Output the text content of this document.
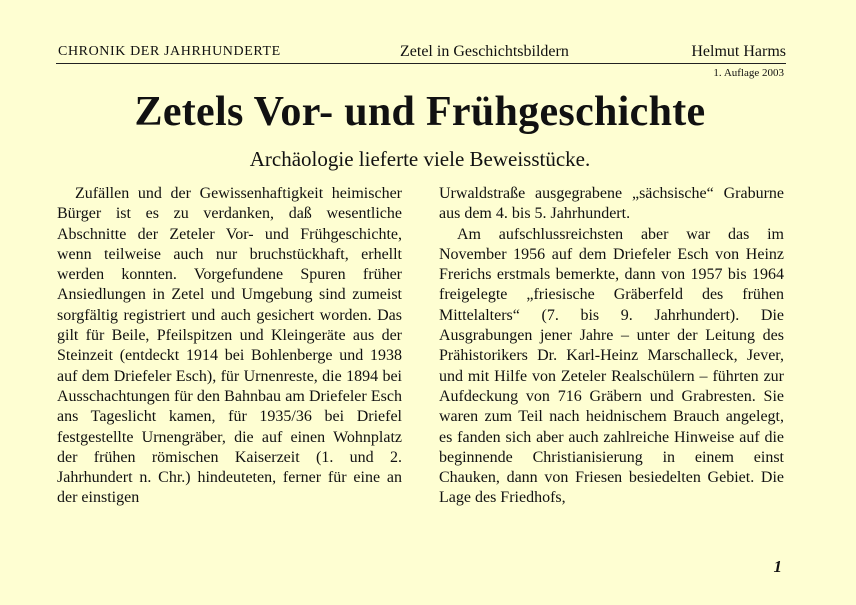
CHRONIK DER JAHRHUNDERTE	Zetel in Geschichtsbildern	Helmut Harms
1. Auflage 2003
Zetels Vor- und Frühgeschichte
Archäologie lieferte viele Beweisstücke.

Zufällen und der Gewissenhaftigkeit heimischer Bürger ist es zu verdanken, daß wesentliche Abschnitte der Zeteler Vor- und Frühgeschichte, wenn teilweise auch nur bruchstückhaft, erhellt werden konnten. Vorgefundene Spuren früher Ansiedlungen in Zetel und Umgebung sind zumeist sorgfältig registriert und auch gesichert worden. Das gilt für Beile, Pfeilspitzen und Kleingeräte aus der Steinzeit (entdeckt 1914 bei Bohlenberge und 1938 auf dem Driefeler Esch), für Urnenreste, die 1894 bei Ausschachtungen für den Bahnbau am Driefeler Esch ans Tageslicht kamen, für 1935/36 bei Driefel festgestellte Urnengräber, die auf einen Wohnplatz der frühen römischen Kaiserzeit (1. und 2. Jahrhundert n. Chr.) hindeuteten, ferner für eine an der einstigen

Urwaldstraße ausgegrabene „sächsische“ Graburne aus dem 4. bis 5. Jahrhundert.

Am aufschlussreichsten aber war das im November 1956 auf dem Driefeler Esch von Heinz Frerichs erstmals bemerkte, dann von 1957 bis 1964 freigelegte „friesische Gräberfeld des frühen Mittelalters“ (7. bis 9. Jahrhundert). Die Ausgrabungen jener Jahre – unter der Leitung des Prähistorikers Dr. Karl-Heinz Marschalleck, Jever, und mit Hilfe von Zeteler Realschülern – führten zur Aufdeckung von 716 Gräbern und Grabresten. Sie waren zum Teil nach heidnischem Brauch angelegt, es fanden sich aber auch zahlreiche Hinweise auf die beginnende Christianisierung in einem einst Chauken, dann von Friesen besiedelten Gebiet. Die Lage des Friedhofs,

1
